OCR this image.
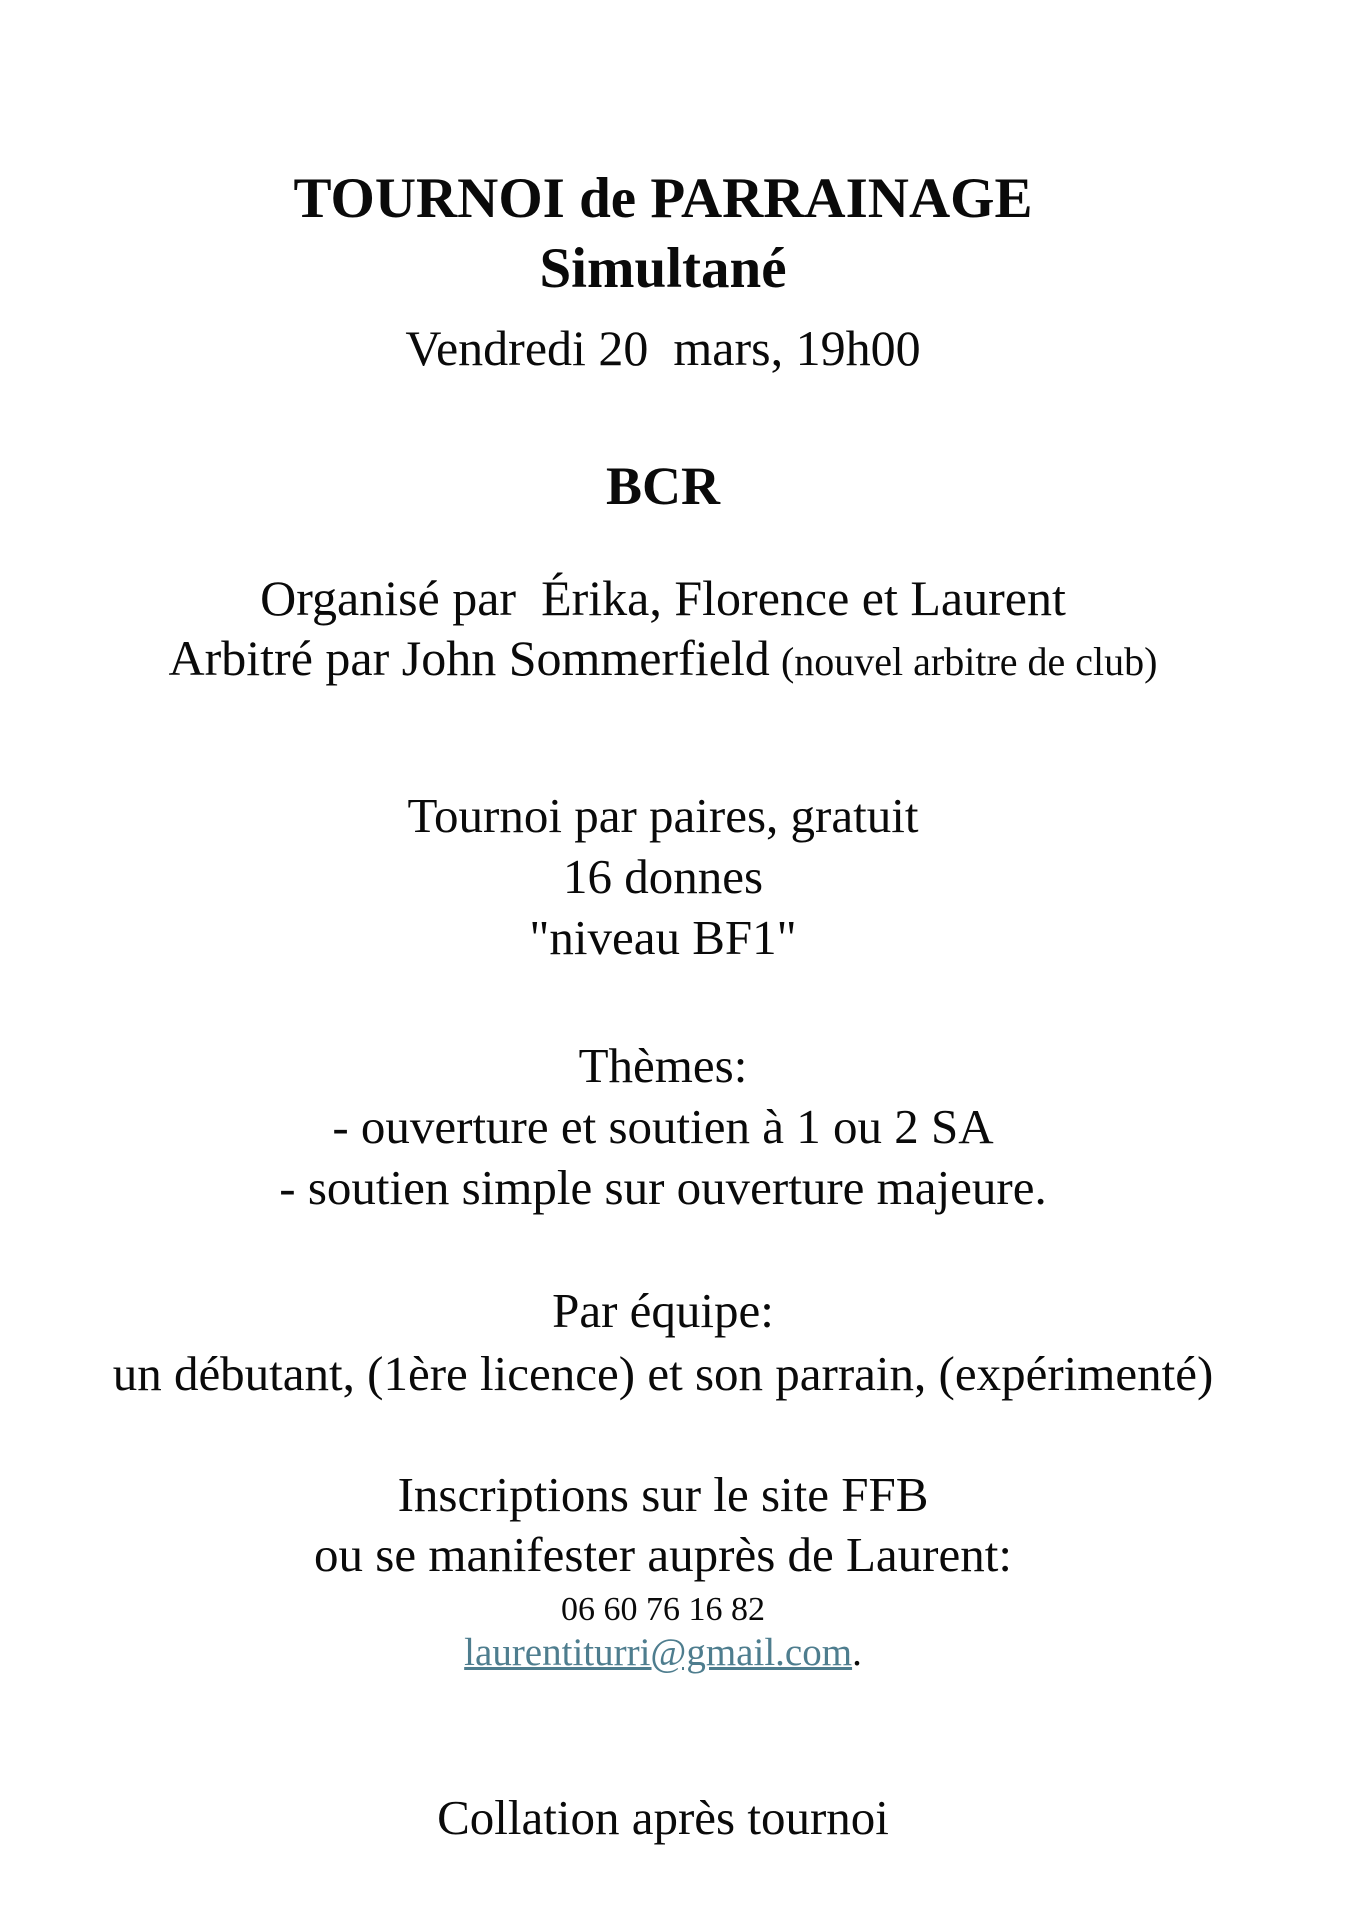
TOURNOI de PARRAINAGE
Simultané
Vendredi 20  mars, 19h00
BCR
Organisé par  Érika, Florence et Laurent
Arbitré par John Sommerfield (nouvel arbitre de club)
Tournoi par paires, gratuit
16 donnes
"niveau BF1"
Thèmes:
- ouverture et soutien à 1 ou 2 SA
- soutien simple sur ouverture majeure.
Par équipe:
un débutant, (1ère licence) et son parrain, (expérimenté)
Inscriptions sur le site FFB
ou se manifester auprès de Laurent:
06 60 76 16 82
laurentiturri@gmail.com.
Collation après tournoi
